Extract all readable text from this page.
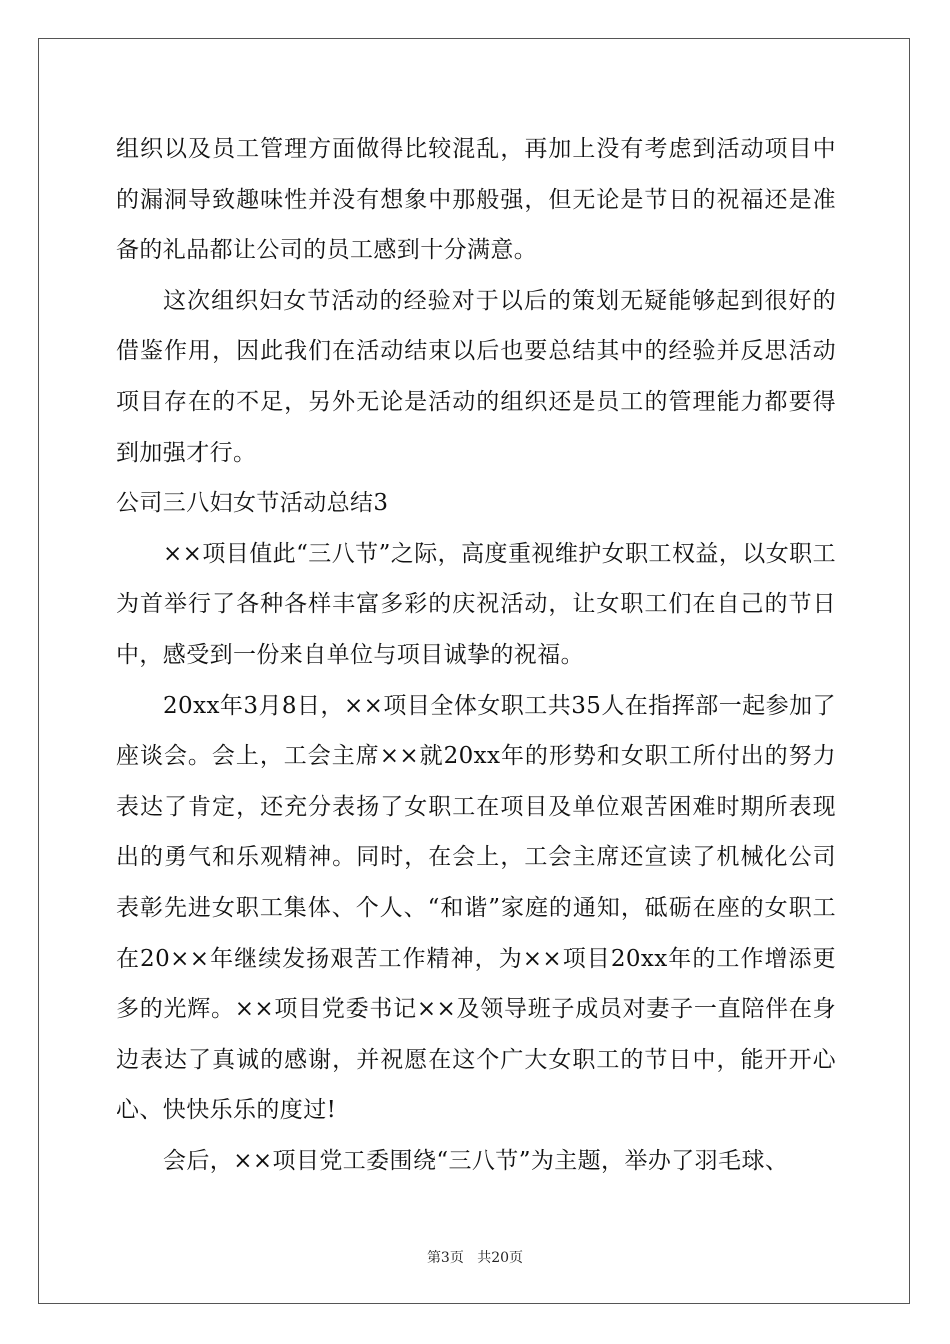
组织以及员工管理方面做得比较混乱，再加上没有考虑到活动项目中的漏洞导致趣味性并没有想象中那般强，但无论是节日的祝福还是准备的礼品都让公司的员工感到十分满意。

这次组织妇女节活动的经验对于以后的策划无疑能够起到很好的借鉴作用，因此我们在活动结束以后也要总结其中的经验并反思活动项目存在的不足，另外无论是活动的组织还是员工的管理能力都要得到加强才行。

公司三八妇女节活动总结3

××项目值此“三八节”之际，高度重视维护女职工权益，以女职工为首举行了各种各样丰富多彩的庆祝活动，让女职工们在自己的节日中，感受到一份来自单位与项目诚挚的祝福。

20xx年3月8日，××项目全体女职工共35人在指挥部一起参加了座谈会。会上，工会主席××就20xx年的形势和女职工所付出的努力表达了肯定，还充分表扬了女职工在项目及单位艰苦困难时期所表现出的勇气和乐观精神。同时，在会上，工会主席还宣读了机械化公司表彰先进女职工集体、个人、“和谐”家庭的通知，砥砺在座的女职工在20××年继续发扬艰苦工作精神，为××项目20xx年的工作增添更多的光辉。××项目党委书记××及领导班子成员对妻子一直陪伴在身边表达了真诚的感谢，并祝愿在这个广大女职工的节日中，能开开心心、快快乐乐的度过!

会后，××项目党工委围绕“三八节”为主题，举办了羽毛球、

第3页 共20页
